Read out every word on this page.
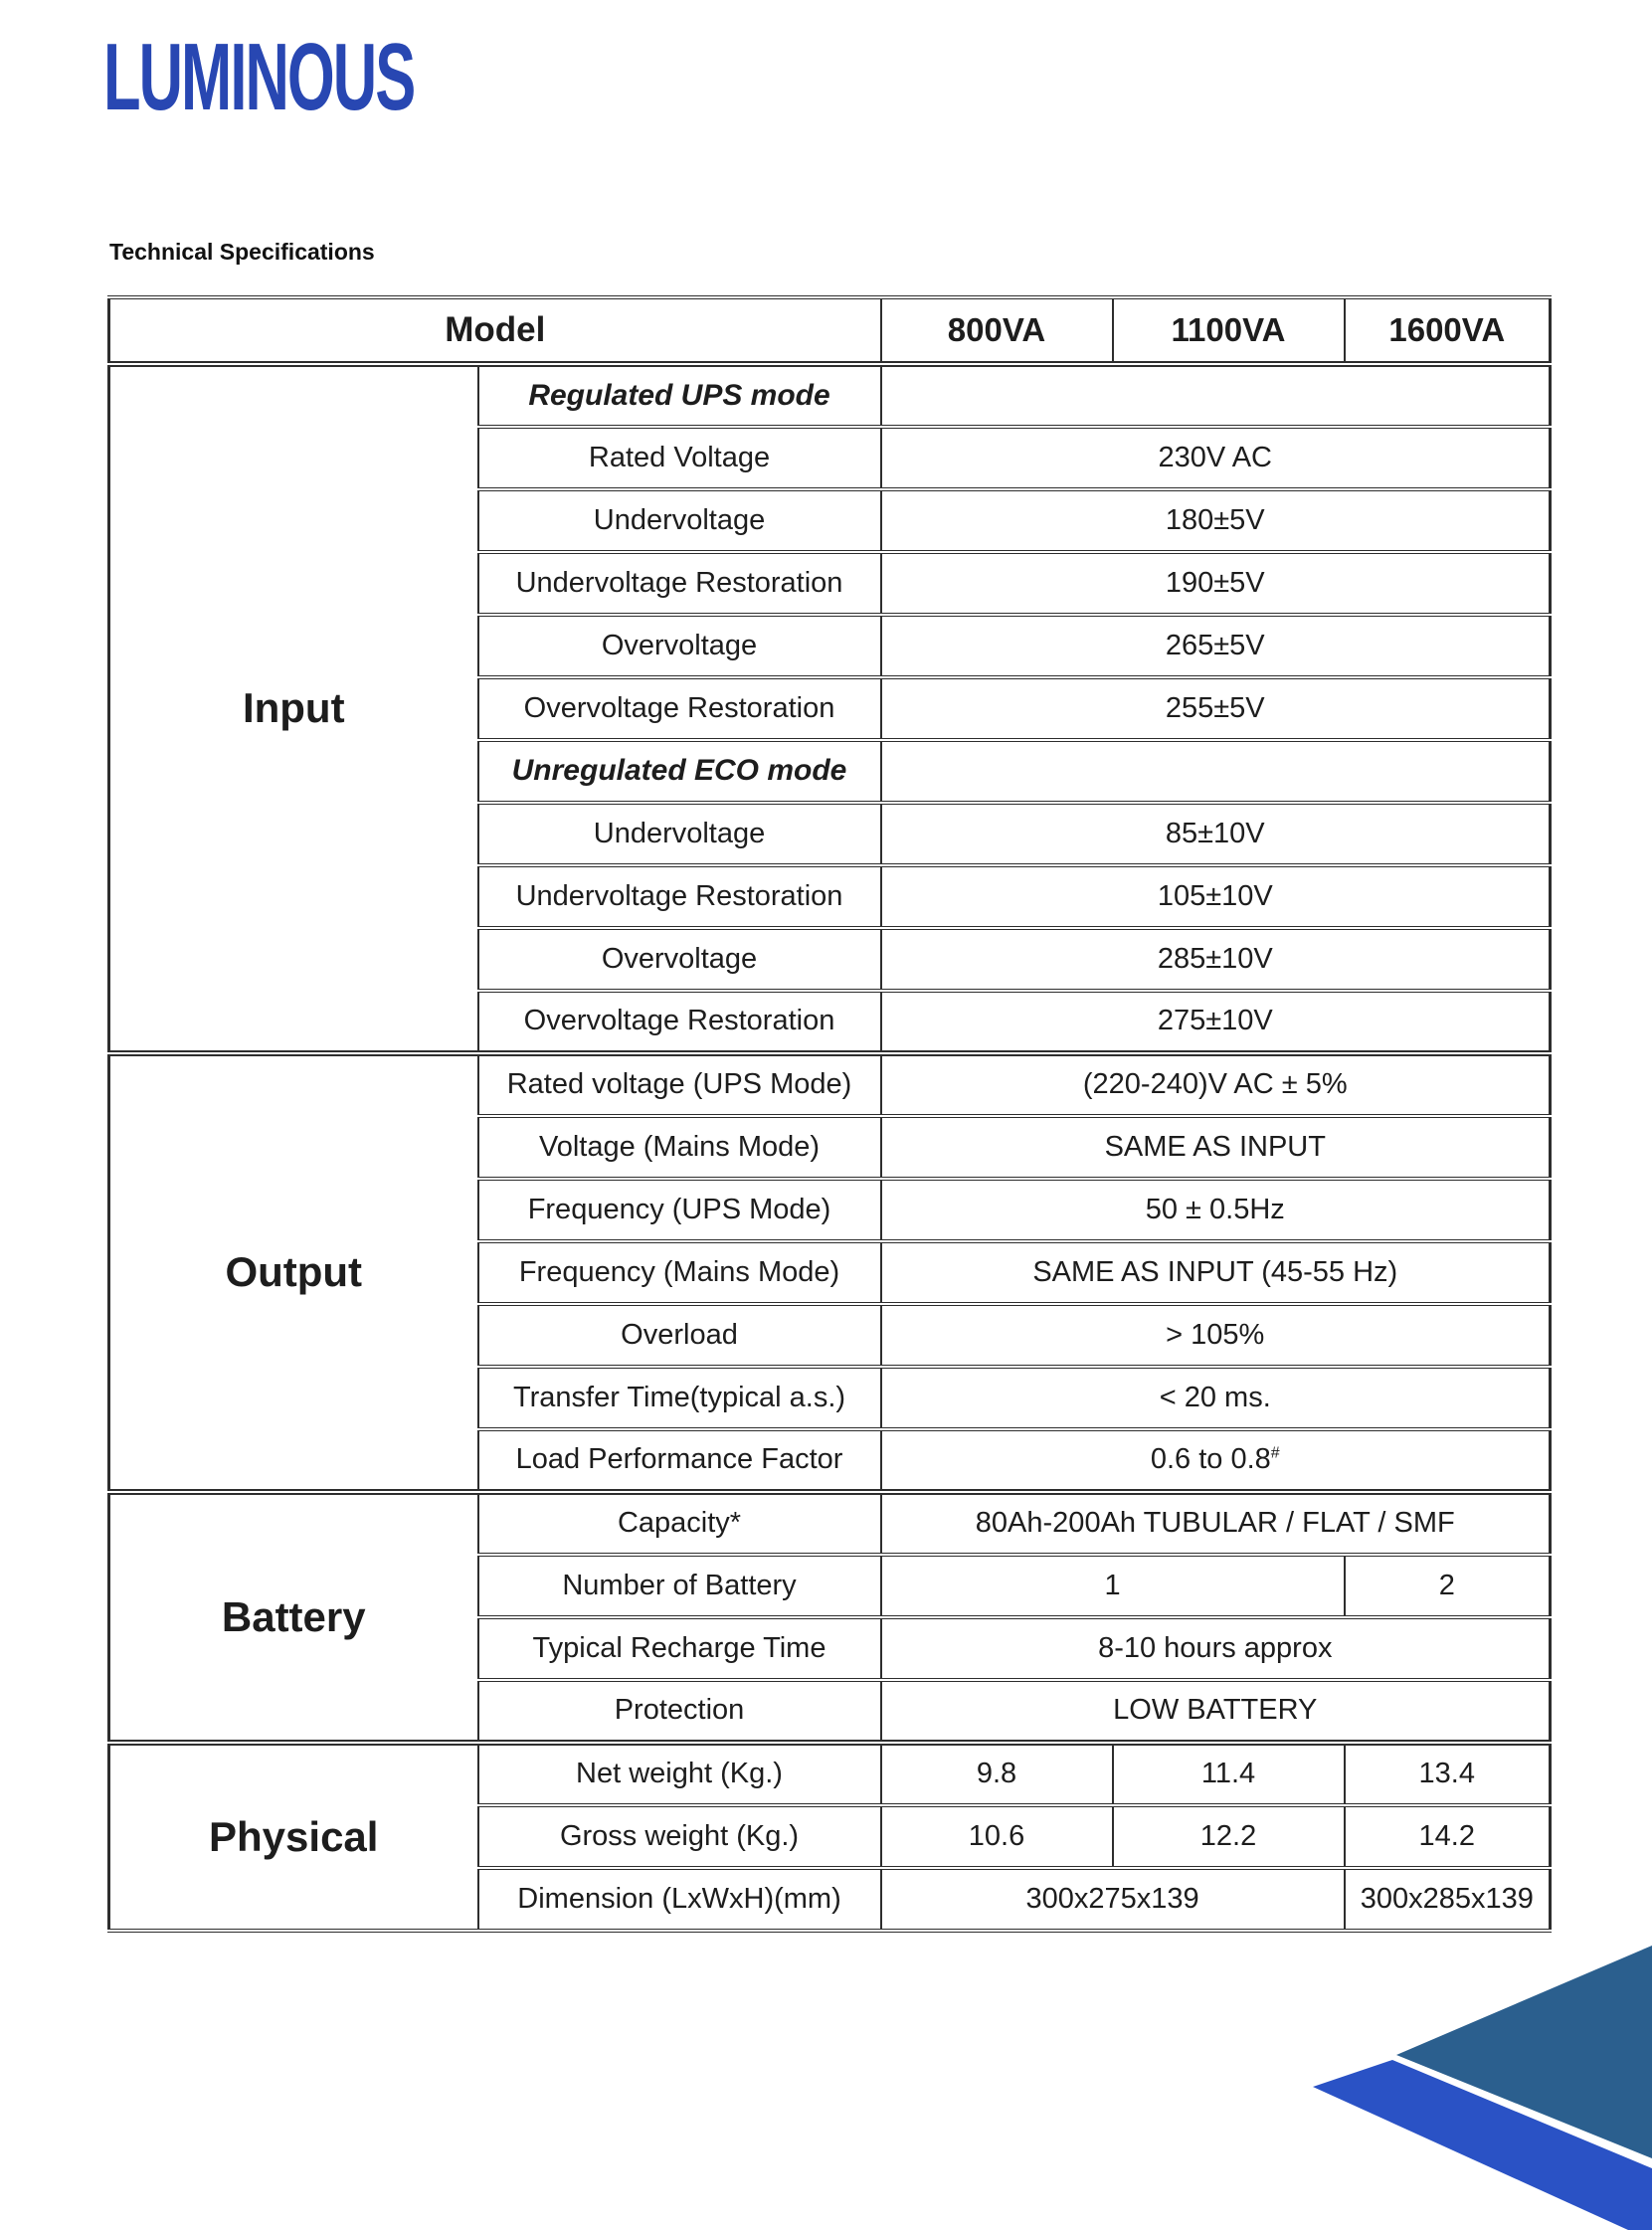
LUMINOUS
Technical Specifications
Model		800VA	1100VA	1600VA
Input	Regulated UPS mode			
	Rated Voltage	230V AC		
	Undervoltage	180±5V		
	Undervoltage Restoration	190±5V		
	Overvoltage	265±5V		
	Overvoltage Restoration	255±5V		
	Unregulated ECO mode			
	Undervoltage	85±10V		
	Undervoltage Restoration	105±10V		
	Overvoltage	285±10V		
	Overvoltage Restoration	275±10V		
Output	Rated voltage (UPS Mode)	(220-240)V AC ± 5%		
	Voltage (Mains Mode)	SAME AS INPUT		
	Frequency (UPS Mode)	50 ± 0.5Hz		
	Frequency (Mains Mode)	SAME AS INPUT (45-55 Hz)		
	Overload	> 105%		
	Transfer Time(typical a.s.)	< 20 ms.		
	Load Performance Factor	0.6 to 0.8#
Battery	Capacity*	80Ah-200Ah TUBULAR / FLAT / SMF		
	Number of Battery	1		2
	Typical Recharge Time	8-10 hours approx		
	Protection	LOW BATTERY		
Physical	Net weight (Kg.)	9.8	11.4	13.4
	Gross weight (Kg.)	10.6	12.2	14.2
	Dimension (LxWxH)(mm)	300x275x139		300x285x139
